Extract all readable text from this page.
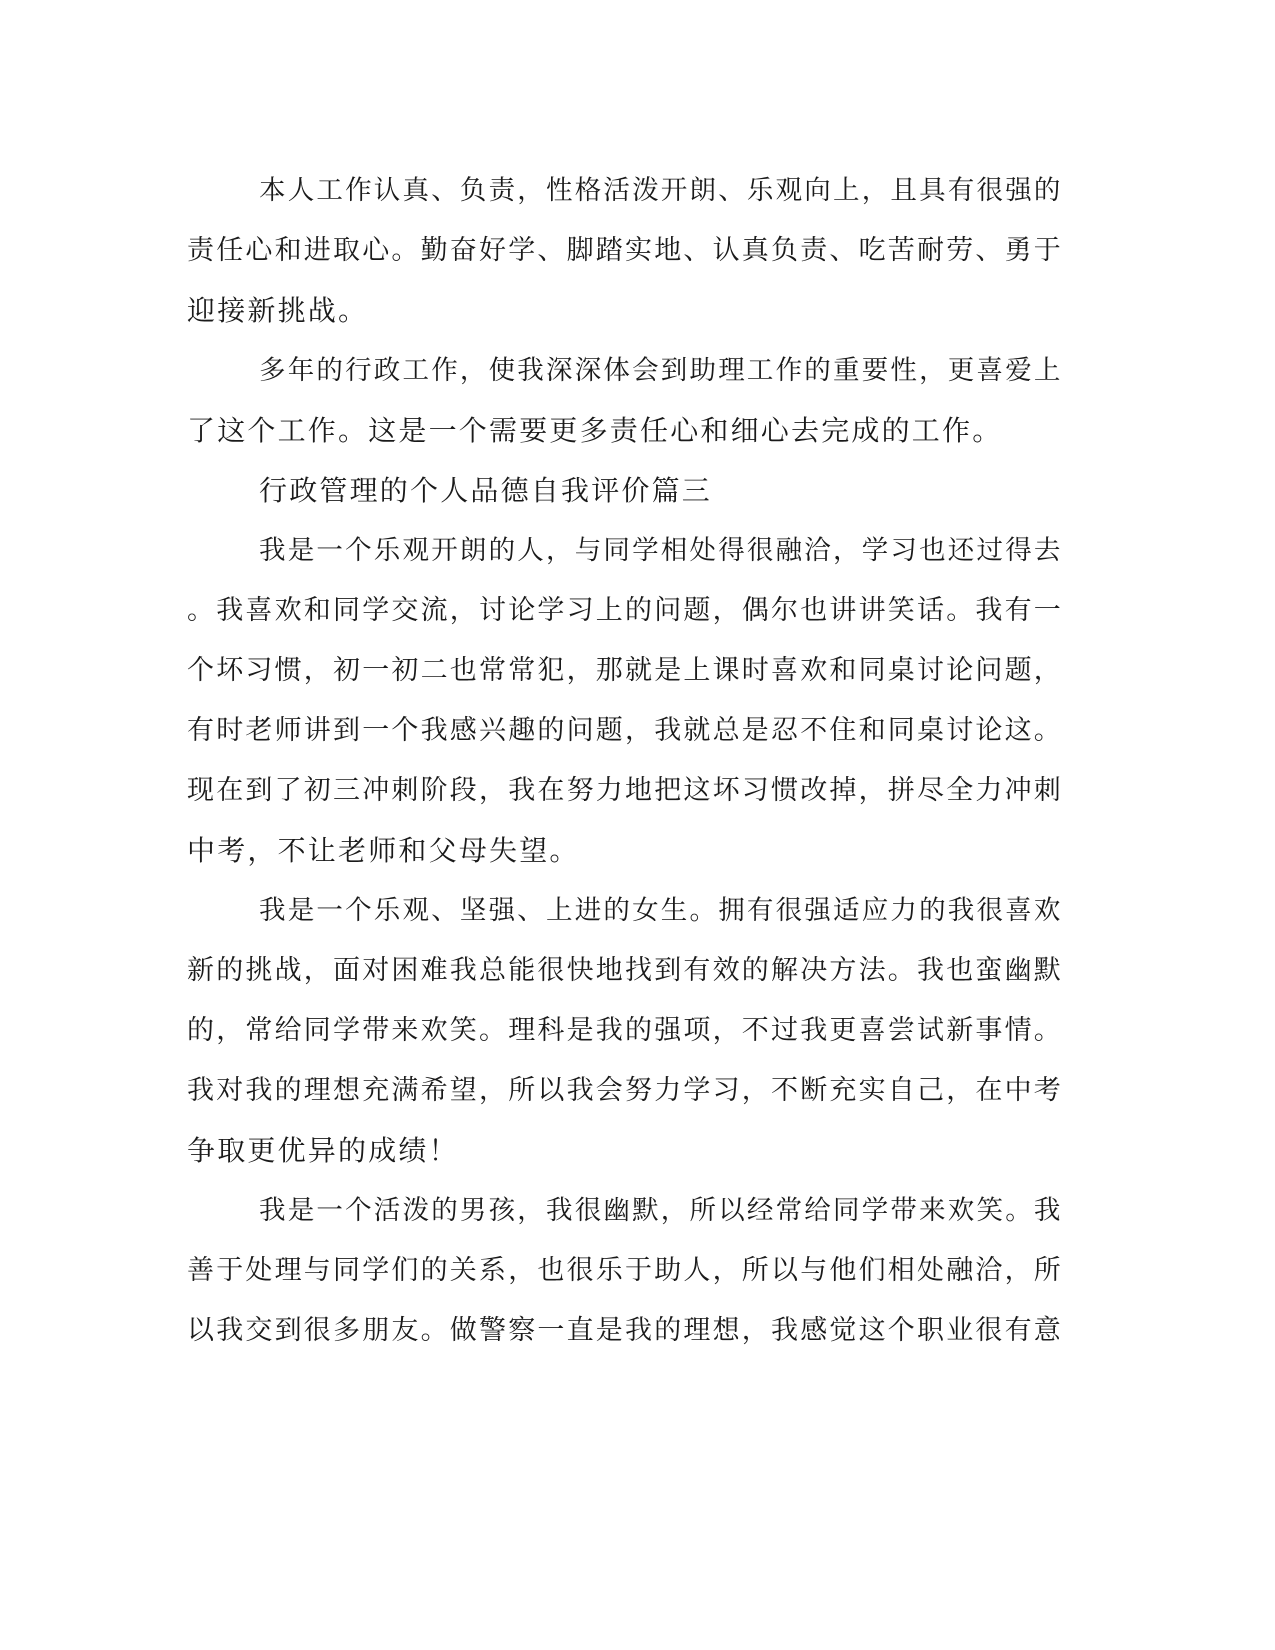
本人工作认真、负责，性格活泼开朗、乐观向上，且具有很强的
责任心和进取心。勤奋好学、脚踏实地、认真负责、吃苦耐劳、勇于
迎接新挑战。
多年的行政工作，使我深深体会到助理工作的重要性，更喜爱上
了这个工作。这是一个需要更多责任心和细心去完成的工作。
行政管理的个人品德自我评价篇三
我是一个乐观开朗的人，与同学相处得很融洽，学习也还过得去
。我喜欢和同学交流，讨论学习上的问题，偶尔也讲讲笑话。我有一
个坏习惯，初一初二也常常犯，那就是上课时喜欢和同桌讨论问题，
有时老师讲到一个我感兴趣的问题，我就总是忍不住和同桌讨论这。
现在到了初三冲刺阶段，我在努力地把这坏习惯改掉，拼尽全力冲刺
中考，不让老师和父母失望。
我是一个乐观、坚强、上进的女生。拥有很强适应力的我很喜欢
新的挑战，面对困难我总能很快地找到有效的解决方法。我也蛮幽默
的，常给同学带来欢笑。理科是我的强项，不过我更喜尝试新事情。
我对我的理想充满希望，所以我会努力学习，不断充实自己，在中考
争取更优异的成绩！
我是一个活泼的男孩，我很幽默，所以经常给同学带来欢笑。我
善于处理与同学们的关系，也很乐于助人，所以与他们相处融洽，所
以我交到很多朋友。做警察一直是我的理想，我感觉这个职业很有意
